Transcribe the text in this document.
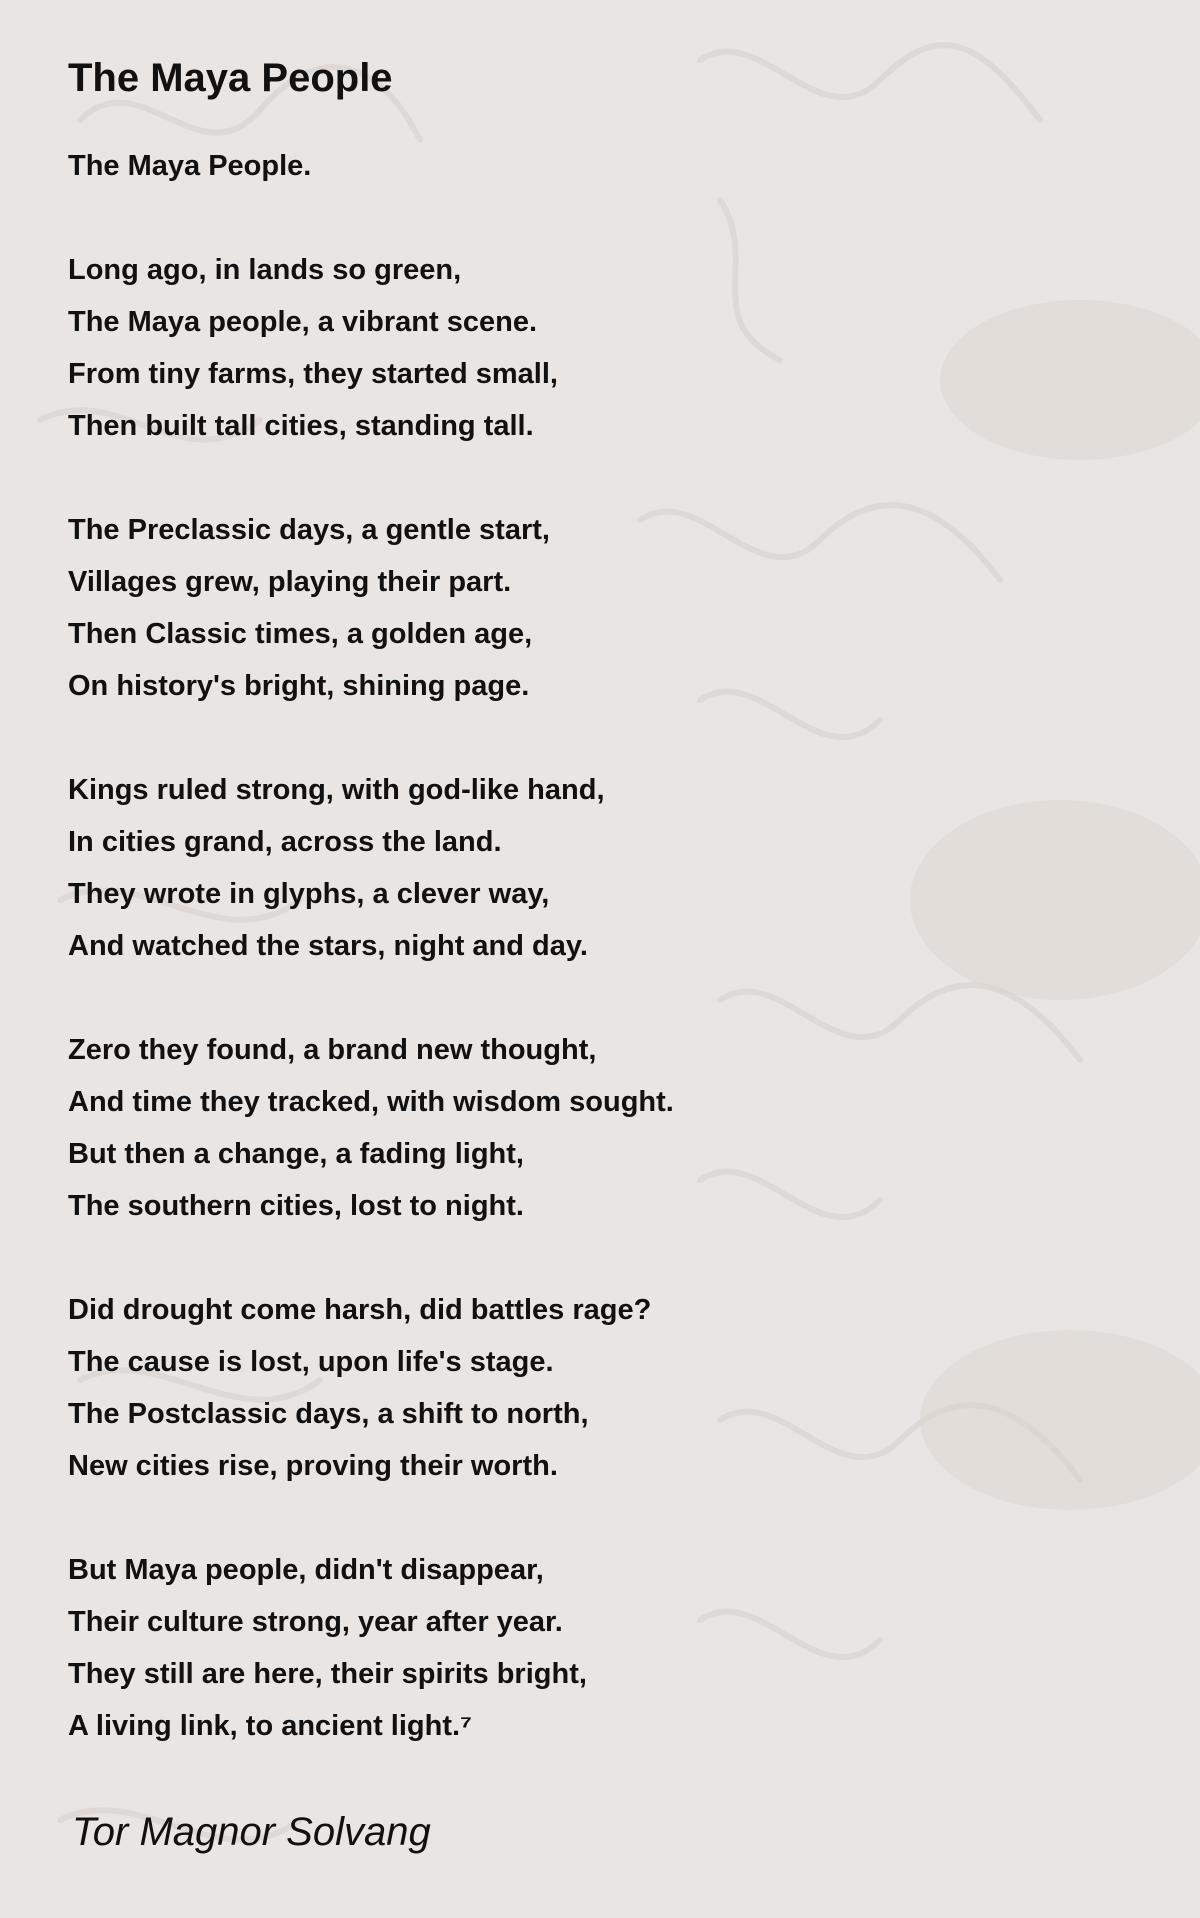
The Maya People
The Maya People.
Long ago, in lands so green,
The Maya people, a vibrant scene.
From tiny farms, they started small,
Then built tall cities, standing tall.
The Preclassic days, a gentle start,
Villages grew, playing their part.
Then Classic times, a golden age,
On history's bright, shining page.
Kings ruled strong, with god-like hand,
In cities grand, across the land.
They wrote in glyphs, a clever way,
And watched the stars, night and day.
Zero they found, a brand new thought,
And time they tracked, with wisdom sought.
But then a change, a fading light,
The southern cities, lost to night.
Did drought come harsh, did battles rage?
The cause is lost, upon life's stage.
The Postclassic days, a shift to north,
New cities rise, proving their worth.
But Maya people, didn't disappear,
Their culture strong, year after year.
They still are here, their spirits bright,
A living link, to ancient light.⁷
Tor Magnor Solvang
